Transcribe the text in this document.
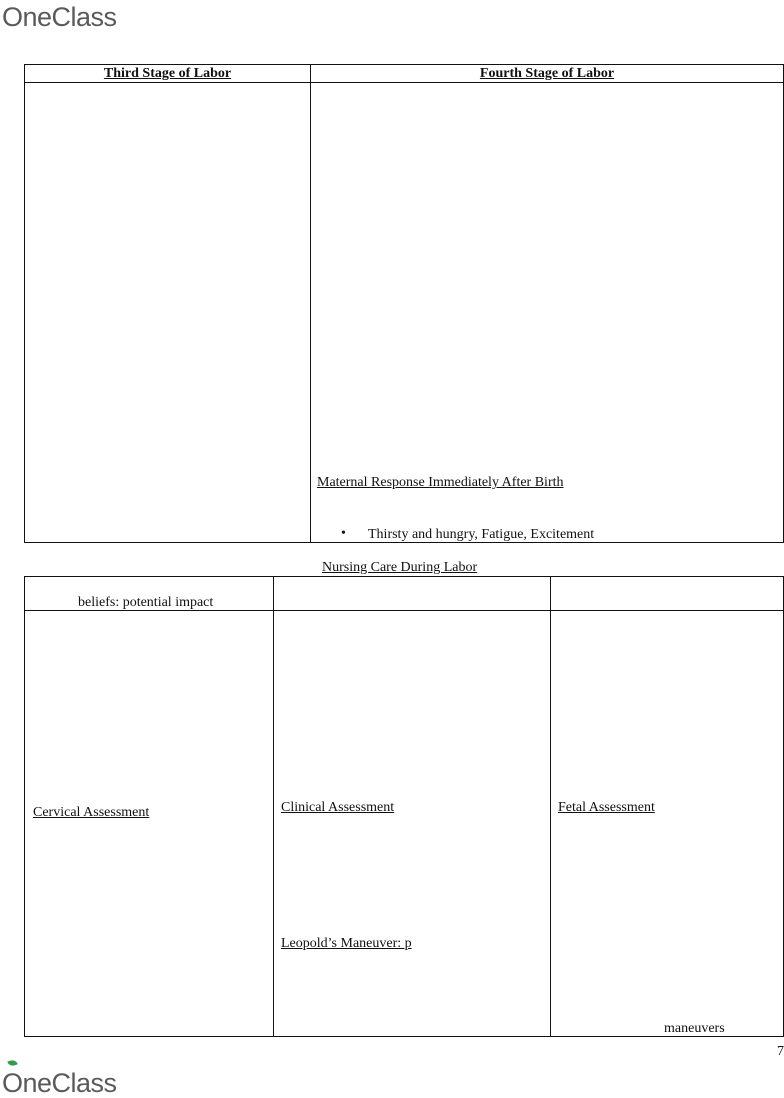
O neClass
Third Stage of Labor	Fourth Stage of Labor
Maternal Response Immediately After Birth
• Thirsty and hungry, Fatigue, Excitement
Nursing Care During Labor
beliefs: potential impact
Cervical Assessment	Clinical Assessment
Leopold’s Maneuver: p
Fetal Assessment
maneuvers
7
O neClass
